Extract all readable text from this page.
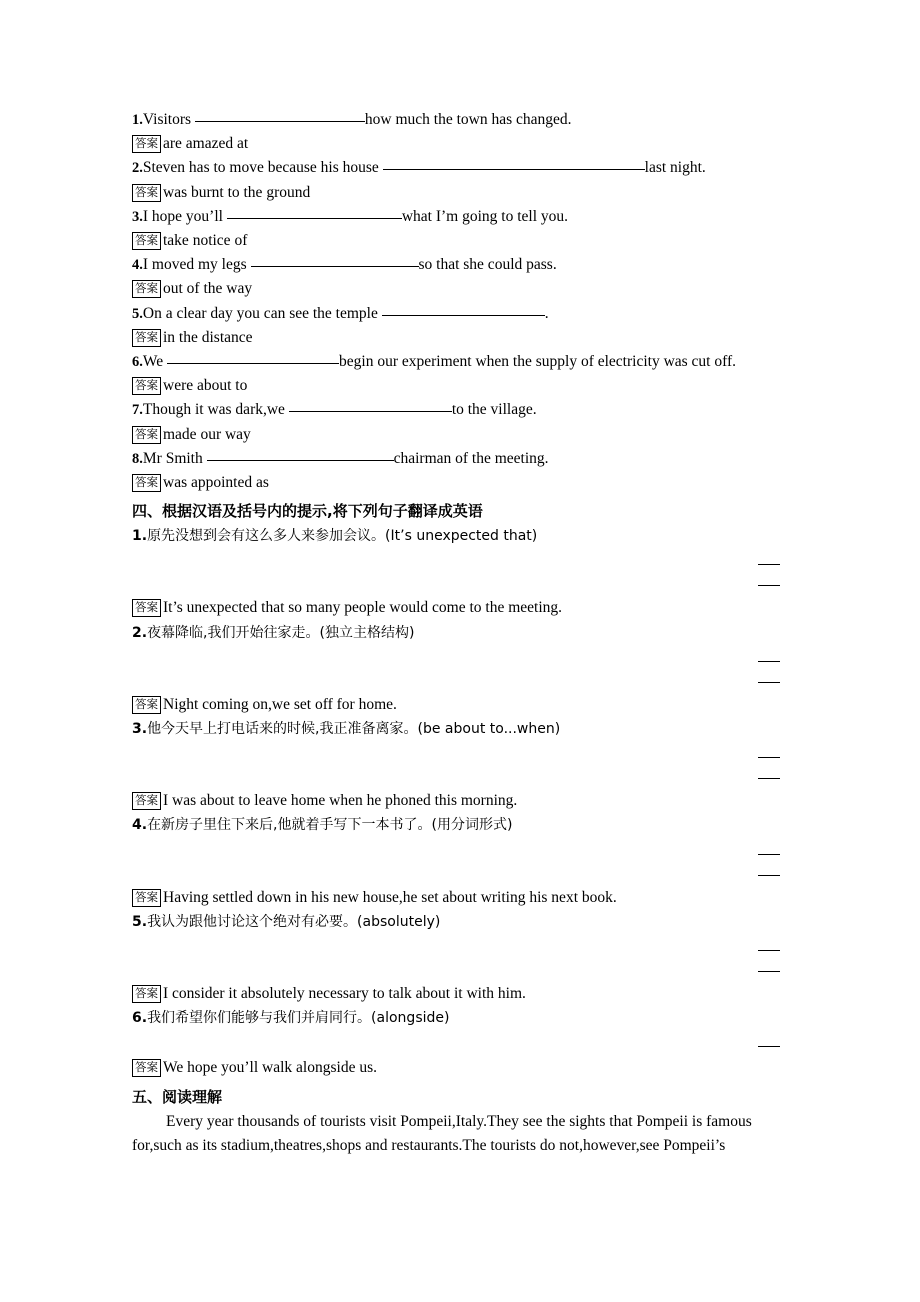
1.Visitors	how much the town has changed.
答案 are amazed at
2.Steven has to move because his house	last night.
答案 was burnt to the ground
3.I hope you’ll	what I’m going to tell you.
答案 take notice of
4.I moved my legs	so that she could pass.
答案 out of the way
5.On a clear day you can see the temple	.
答案 in the distance
6.We	begin our experiment when the supply of electricity was cut off.
答案 were about to
7.Though it was dark,we	to the village.
答案 made our way
8.Mr Smith	chairman of the meeting.
答案 was appointed as
四、根据汉语及括号内的提示,将下列句子翻译成英语
1.原先没想到会有这么多人来参加会议。(It’s unexpected that)
答案 It’s unexpected that so many people would come to the meeting.
2.夜幕降临,我们开始往家走。(独立主格结构)
答案 Night coming on,we set off for home.
3.他今天早上打电话来的时候,我正准备离家。(be about to...when)
答案 I was about to leave home when he phoned this morning.
4.在新房子里住下来后,他就着手写下一本书了。(用分词形式)
答案 Having settled down in his new house,he set about writing his next book.
5.我认为跟他讨论这个绝对有必要。(absolutely)
答案 I consider it absolutely necessary to talk about it with him.
6.我们希望你们能够与我们并肩同行。(alongside)
答案 We hope you’ll walk alongside us.
五、阅读理解
Every year thousands of tourists visit Pompeii,Italy.They see the sights that Pompeii is famous
for,such as its stadium,theatres,shops and restaurants.The tourists do not,however,see Pompeii’s
